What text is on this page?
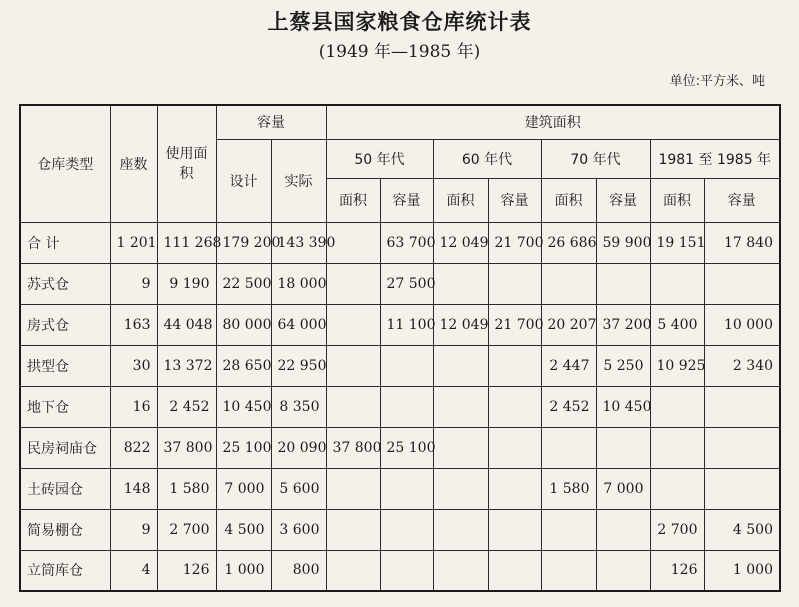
上蔡县国家粮食仓库统计表
(1949 年—1985 年)
单位:平方米、吨
仓库类型	座数	使用面积	容量		建筑面积							
			设计	实际	50 年代		60 年代		70 年代		1981 至 1985 年	
					面积	容量	面积	容量	面积	容量	面积	容量
合 计	1 201	111 268	179 200	143 390		63 700	12 049	21 700	26 686	59 900	19 151	17 840
苏式仓	9	9 190	22 500	18 000		27 500						
房式仓	163	44 048	80 000	64 000		11 100	12 049	21 700	20 207	37 200	5 400	10 000
拱型仓	30	13 372	28 650	22 950					2 447	5 250	10 925	2 340
地下仓	16	2 452	10 450	8 350					2 452	10 450		
民房祠庙仓	822	37 800	25 100	20 090	37 800	25 100						
土砖园仓	148	1 580	7 000	5 600					1 580	7 000		
简易棚仓	9	2 700	4 500	3 600							2 700	4 500
立筒库仓	4	126	1 000	800							126	1 000
